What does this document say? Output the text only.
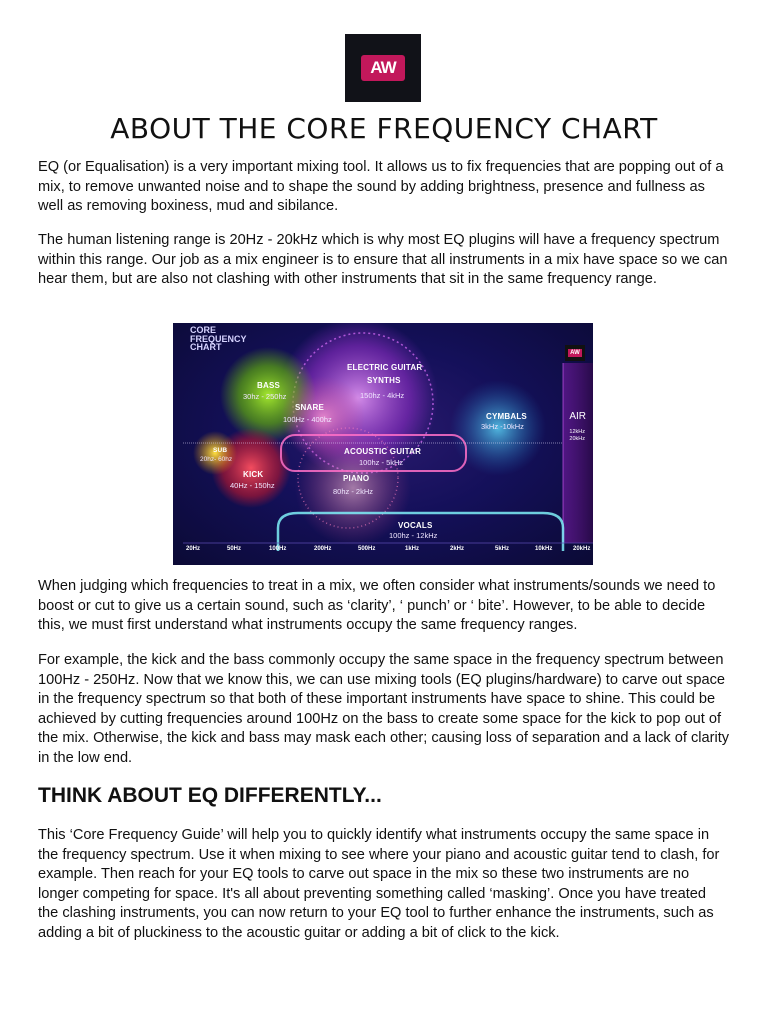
AW
ABOUT THE CORE FREQUENCY CHART

EQ (or Equalisation) is a very important mixing tool. It allows us to fix frequencies that are popping out of a mix, to remove unwanted noise and to shape the sound by adding brightness, presence and fullness as well as removing boxiness, mud and sibilance.

The human listening range is 20Hz - 20kHz which is why most EQ plugins will have a frequency spectrum within this range. Our job as a mix engineer is to ensure that all instruments in a mix have space so we can hear them, but are also not clashing with other instruments that sit in the same frequency range.

CORE
FREQUENCY
CHART
AW
BASS
30hz - 250hz
SNARE
100Hz - 400hz
ELECTRIC GUITAR
SYNTHS
150hz - 4kHz
CYMBALS
3kHz -10kHz
SUB
20hz- 60hz
KICK
40Hz - 150hz
ACOUSTIC GUITAR
100hz - 5kHz
PIANO
80hz - 2kHz
VOCALS
100hz - 12kHz
AIR
12kHz
20kHz
20Hz	50Hz	100Hz	200Hz	500Hz	1kHz	2kHz	5kHz	10kHz	20kHz

When judging which frequencies to treat in a mix, we often consider what instruments/sounds we need to boost or cut to give us a certain sound, such as ‘clarity’, ‘ punch’ or ‘ bite’. However, to be able to decide this, we must first understand what instruments occupy the same frequency ranges.

For example, the kick and the bass commonly occupy the same space in the frequency spectrum between 100Hz - 250Hz. Now that we know this, we can use mixing tools (EQ plugins/hardware) to carve out space in the frequency spectrum so that both of these important instruments have space to shine. This could be achieved by cutting frequencies around 100Hz on the bass to create some space for the kick to pop out of the mix. Otherwise, the kick and bass may mask each other; causing loss of separation and a lack of clarity in the low end.

THINK ABOUT EQ DIFFERENTLY...

This ‘Core Frequency Guide’ will help you to quickly identify what instruments occupy the same space in the frequency spectrum. Use it when mixing to see where your piano and acoustic guitar tend to clash, for example. Then reach for your EQ tools to carve out space in the mix so these two instruments are no longer competing for space. It's all about preventing something called ‘masking’. Once you have treated the clashing instruments, you can now return to your EQ tool to further enhance the instruments, such as adding a bit of pluckiness to the acoustic guitar or adding a bit of click to the kick.
